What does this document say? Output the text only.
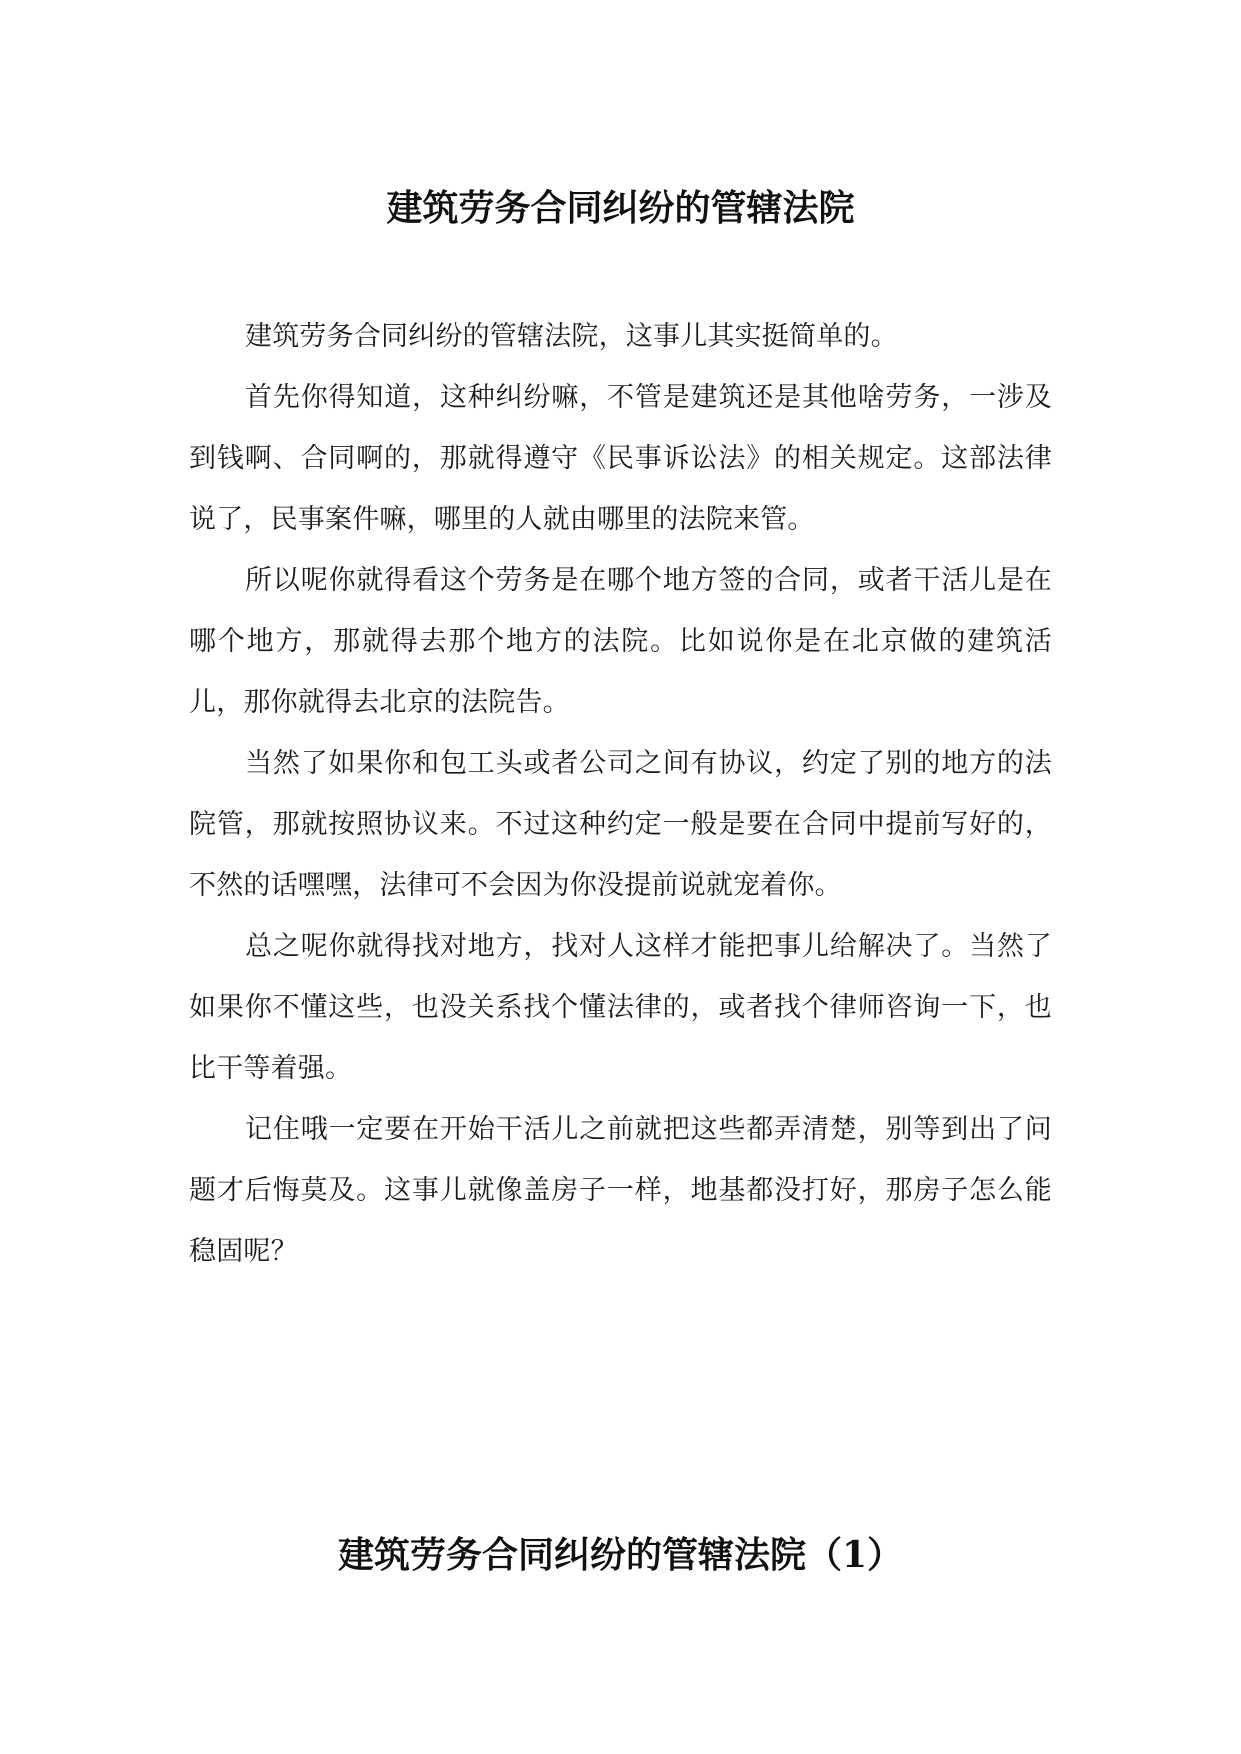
建筑劳务合同纠纷的管辖法院

建筑劳务合同纠纷的管辖法院，这事儿其实挺简单的。

首先你得知道，这种纠纷嘛，不管是建筑还是其他啥劳务，一涉及到钱啊、合同啊的，那就得遵守《民事诉讼法》的相关规定。这部法律说了，民事案件嘛，哪里的人就由哪里的法院来管。

所以呢你就得看这个劳务是在哪个地方签的合同，或者干活儿是在哪个地方，那就得去那个地方的法院。比如说你是在北京做的建筑活儿，那你就得去北京的法院告。

当然了如果你和包工头或者公司之间有协议，约定了别的地方的法院管，那就按照协议来。不过这种约定一般是要在合同中提前写好的，不然的话嘿嘿，法律可不会因为你没提前说就宠着你。

总之呢你就得找对地方，找对人这样才能把事儿给解决了。当然了如果你不懂这些，也没关系找个懂法律的，或者找个律师咨询一下，也比干等着强。

记住哦一定要在开始干活儿之前就把这些都弄清楚，别等到出了问题才后悔莫及。这事儿就像盖房子一样，地基都没打好，那房子怎么能稳固呢？

建筑劳务合同纠纷的管辖法院（1）
